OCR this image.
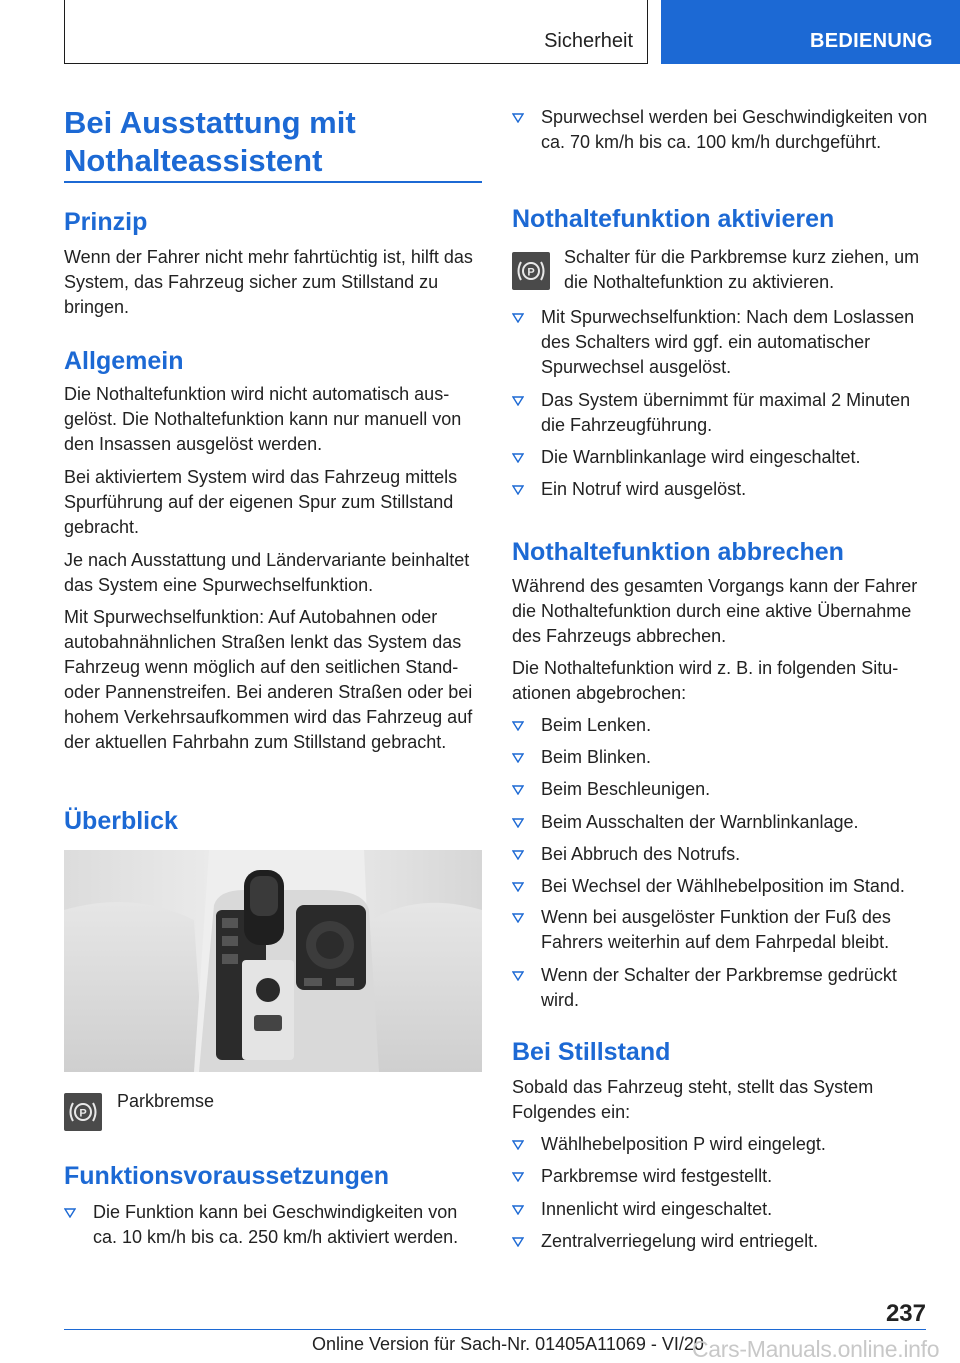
Sicherheit	BEDIENUNG
Bei Ausstattung mit
Nothalteassistent
Prinzip

Wenn der Fahrer nicht mehr fahrtüchtig ist, hilft das System, das Fahrzeug sicher zum Stillstand zu bringen.

Allgemein

Die Nothaltefunktion wird nicht automatisch ausgelöst. Die Nothaltefunktion kann nur manuell von den Insassen ausgelöst werden.

Bei aktiviertem System wird das Fahrzeug mittels Spurführung auf der eigenen Spur zum Stillstand gebracht.

Je nach Ausstattung und Ländervariante beinhaltet das System eine Spurwechselfunktion.

Mit Spurwechselfunktion: Auf Autobahnen oder autobahnähnlichen Straßen lenkt das System das Fahrzeug wenn möglich auf den seitlichen Stand- oder Pannenstreifen. Bei anderen Straßen oder bei hohem Verkehrsaufkommen wird das Fahrzeug auf der aktuellen Fahrbahn zum Stillstand gebracht.

Überblick
P
Parkbremse
Funktionsvoraussetzungen
Die Funktion kann bei Geschwindigkeiten von ca. 10 km/h bis ca. 250 km/h aktiviert werden.
Spurwechsel werden bei Geschwindigkeiten von ca. 70 km/h bis ca. 100 km/h durchgeführt.
Nothaltefunktion aktivieren
P

Schalter für die Parkbremse kurz ziehen, um die Nothaltefunktion zu aktivieren.

Mit Spurwechselfunktion: Nach dem Loslassen des Schalters wird ggf. ein automatischer Spurwechsel ausgelöst.
Das System übernimmt für maximal 2 Minuten die Fahrzeugführung.
Die Warnblinkanlage wird eingeschaltet.
Ein Notruf wird ausgelöst.
Nothaltefunktion abbrechen

Während des gesamten Vorgangs kann der Fahrer die Nothaltefunktion durch eine aktive Übernahme des Fahrzeugs abbrechen.

Die Nothaltefunktion wird z. B. in folgenden Situationen abgebrochen:

Beim Lenken.
Beim Blinken.
Beim Beschleunigen.
Beim Ausschalten der Warnblinkanlage.
Bei Abbruch des Notrufs.
Bei Wechsel der Wählhebelposition im Stand.
Wenn bei ausgelöster Funktion der Fuß des Fahrers weiterhin auf dem Fahrpedal bleibt.
Wenn der Schalter der Parkbremse gedrückt wird.
Bei Stillstand

Sobald das Fahrzeug steht, stellt das System Folgendes ein:

Wählhebelposition P wird eingelegt.
Parkbremse wird festgestellt.
Innenlicht wird eingeschaltet.
Zentralverriegelung wird entriegelt.
237
Online Version für Sach-Nr. 01405A11069 - VI/20
Cars-Manuals.online.info
